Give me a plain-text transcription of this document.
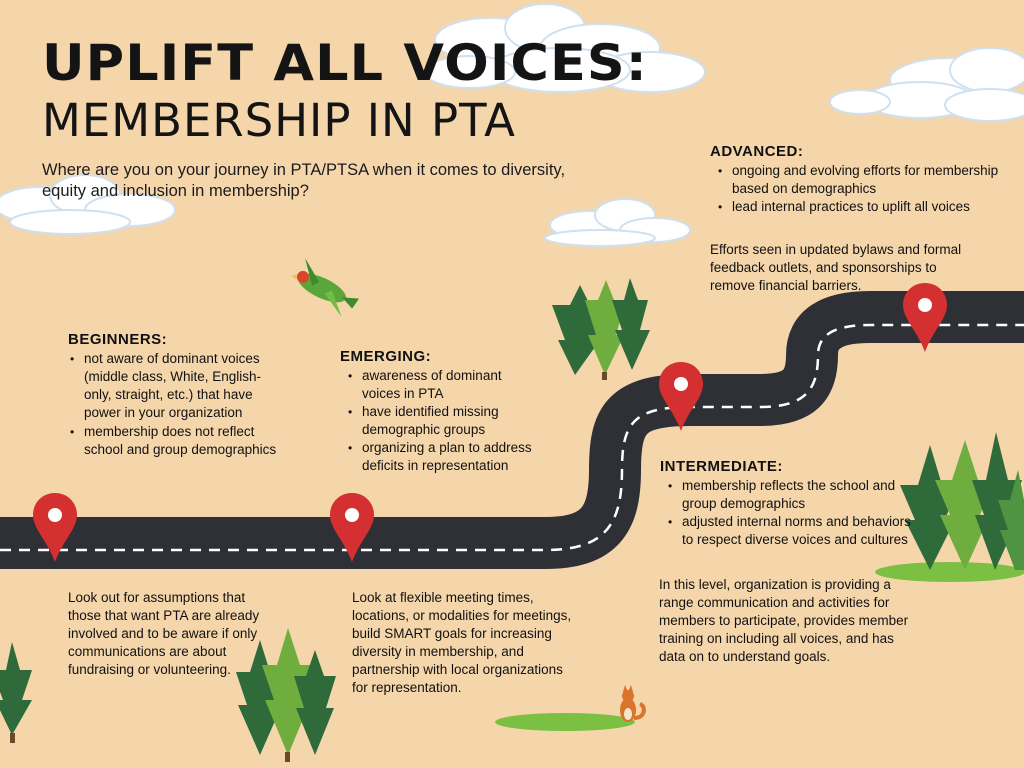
UPLIFT ALL VOICES:
MEMBERSHIP IN PTA
Where are you on your journey in PTA/PTSA when it comes to diversity, equity and inclusion in membership?
BEGINNERS:
• not aware of dominant voices (middle class, White, English-only, straight, etc.) that have power in your organization
• membership does not reflect school and group demographics
Look out for assumptions that those that want PTA are already involved and to be aware if only communications are about fundraising or volunteering.
EMERGING:
• awareness of dominant voices in PTA
• have identified missing demographic groups
• organizing a plan to address deficits in representation
Look at flexible meeting times, locations, or modalities for meetings, build SMART goals for increasing diversity in membership, and partnership with local organizations for representation.
INTERMEDIATE:
• membership reflects the school and group demographics
• adjusted internal norms and behaviors to respect diverse voices and cultures
In this level, organization is providing a range communication and activities for members to participate, provides member training on including all voices, and has data on to understand goals.
ADVANCED:
• ongoing and evolving efforts for membership based on demographics
• lead internal practices to uplift all voices
Efforts seen in updated bylaws and formal feedback outlets, and sponsorships to remove financial barriers.
